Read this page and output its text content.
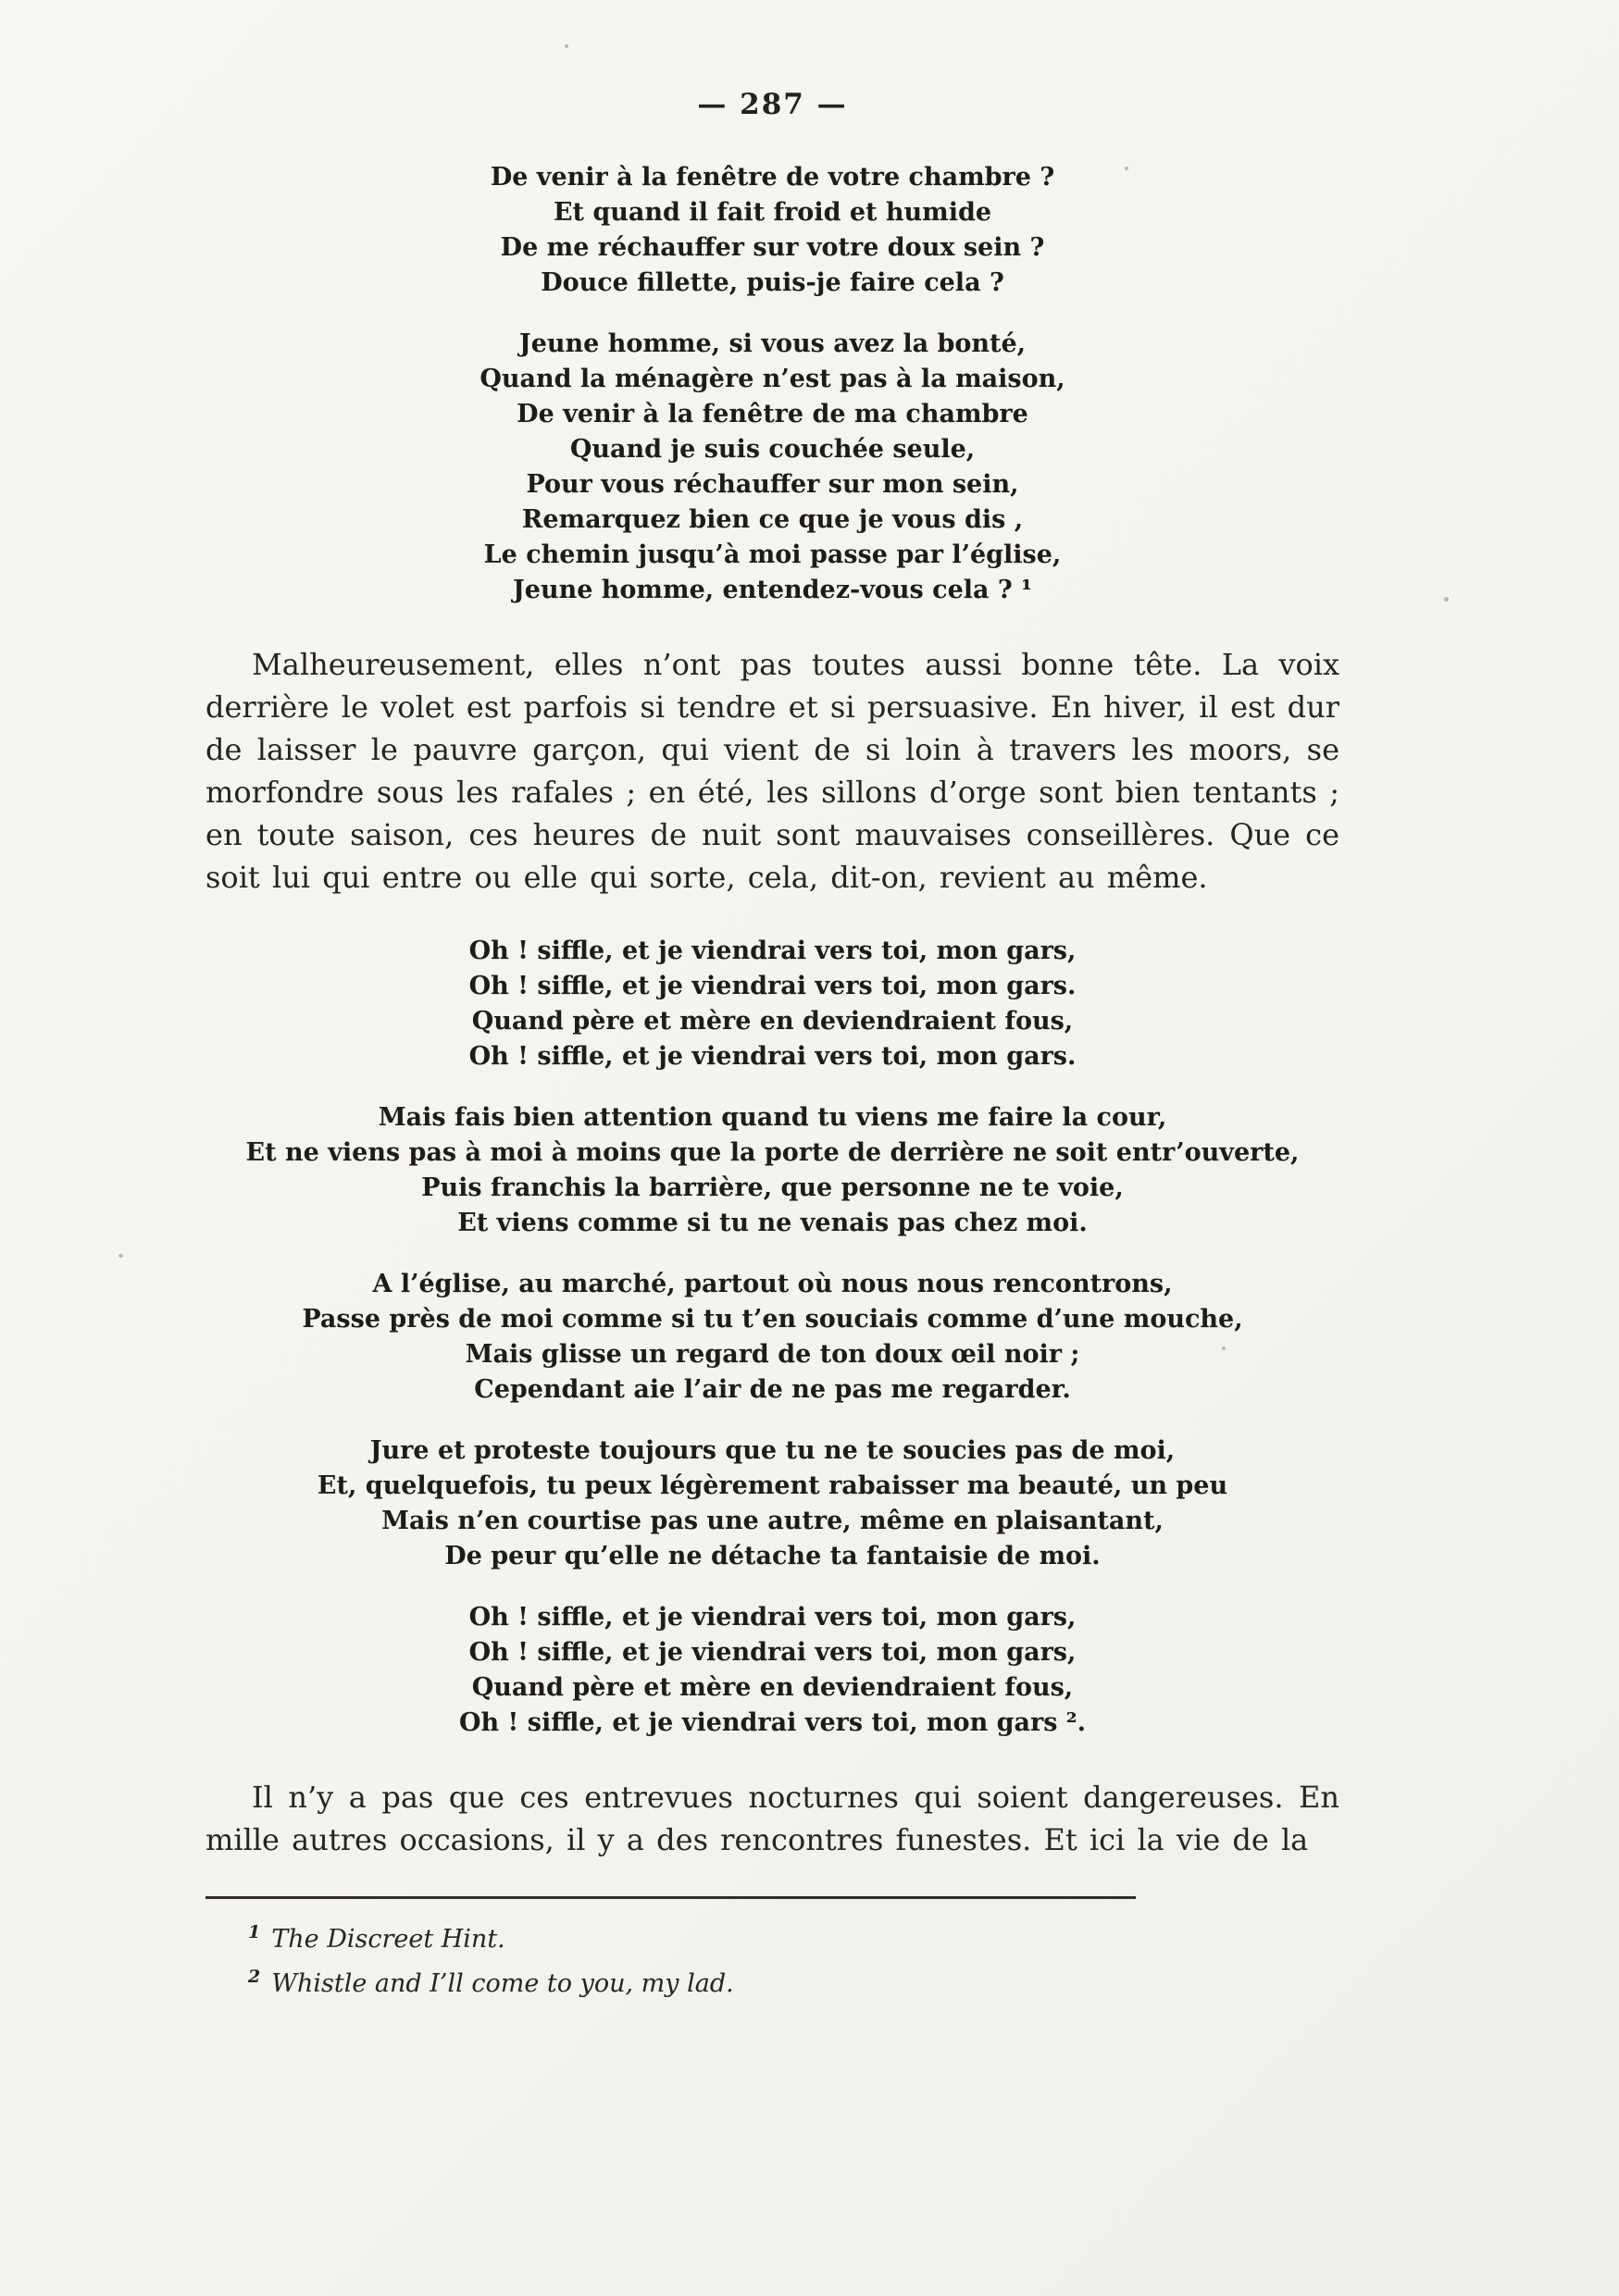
— 287 —
De venir à la fenêtre de votre chambre ?
Et quand il fait froid et humide
De me réchauffer sur votre doux sein ?
Douce fillette, puis-je faire cela ?
Jeune homme, si vous avez la bonté,
Quand la ménagère n’est pas à la maison,
De venir à la fenêtre de ma chambre
Quand je suis couchée seule,
Pour vous réchauffer sur mon sein,
Remarquez bien ce que je vous dis ,
Le chemin jusqu’à moi passe par l’église,
Jeune homme, entendez-vous cela ? ¹

Malheureusement, elles n’ont pas toutes aussi bonne tête. La voix derrière le volet est parfois si tendre et si persuasive. En hiver, il est dur de laisser le pauvre garçon, qui vient de si loin à travers les moors, se morfondre sous les rafales ; en été, les sillons d’orge sont bien tentants ; en toute saison, ces heures de nuit sont mauvaises conseillères. Que ce soit lui qui entre ou elle qui sorte, cela, dit-on, revient au même.

Oh ! siffle, et je viendrai vers toi, mon gars,
Oh ! siffle, et je viendrai vers toi, mon gars.
Quand père et mère en deviendraient fous,
Oh ! siffle, et je viendrai vers toi, mon gars.
Mais fais bien attention quand tu viens me faire la cour,
Et ne viens pas à moi à moins que la porte de derrière ne soit entr’ouverte,
Puis franchis la barrière, que personne ne te voie,
Et viens comme si tu ne venais pas chez moi.
A l’église, au marché, partout où nous nous rencontrons,
Passe près de moi comme si tu t’en souciais comme d’une mouche,
Mais glisse un regard de ton doux œil noir ;
Cependant aie l’air de ne pas me regarder.
Jure et proteste toujours que tu ne te soucies pas de moi,
Et, quelquefois, tu peux légèrement rabaisser ma beauté, un peu
Mais n’en courtise pas une autre, même en plaisantant,
De peur qu’elle ne détache ta fantaisie de moi.
Oh ! siffle, et je viendrai vers toi, mon gars,
Oh ! siffle, et je viendrai vers toi, mon gars,
Quand père et mère en deviendraient fous,
Oh ! siffle, et je viendrai vers toi, mon gars ².

Il n’y a pas que ces entrevues nocturnes qui soient dangereuses. En mille autres occasions, il y a des rencontres funestes. Et ici la vie de la

$^1$ The Discreet Hint.
$^2$ Whistle and I’ll come to you, my lad.
